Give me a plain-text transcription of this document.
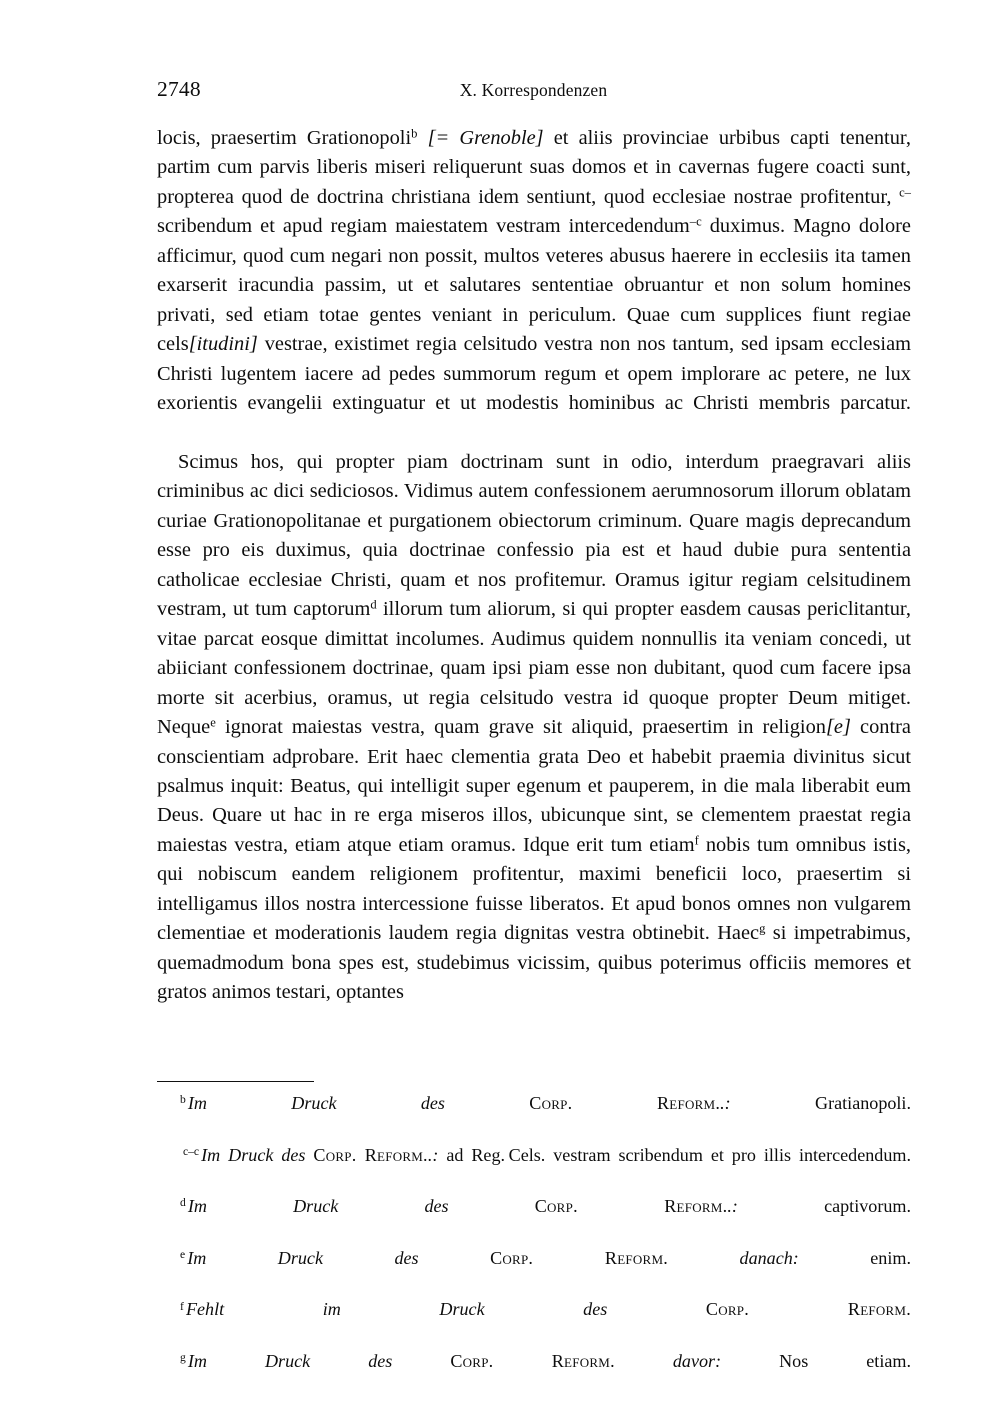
2748	X. Korrespondenzen

locis, praesertim Grationopoli$^b$ [= Grenoble] et aliis provinciae urbibus capti tenentur, partim cum parvis liberis miseri reliquerunt suas domos et in cavernas fugere coacti sunt, propterea quod de doctrina christiana idem sentiunt, quod ecclesiae nostrae profitentur, $^{c-}$scribendum et apud regiam maiestatem vestram intercedendum$^{-c}$ duximus. Magno dolore afficimur, quod cum negari non possit, multos veteres abusus haerere in ecclesiis ita tamen exarserit iracundia passim, ut et salutares sententiae obruantur et non solum homines privati, sed etiam totae gentes veniant in periculum. Quae cum supplices fiunt regiae cels[itudini] vestrae, existimet regia celsitudo vestra non nos tantum, sed ipsam ecclesiam Christi lugentem iacere ad pedes summorum regum et opem implorare ac petere, ne lux exorientis evangelii extinguatur et ut modestis hominibus ac Christi membris parcatur.

Scimus hos, qui propter piam doctrinam sunt in odio, interdum praegravari aliis criminibus ac dici sediciosos. Vidimus autem confessionem aerumnosorum illorum oblatam curiae Grationopolitanae et purgationem obiectorum criminum. Quare magis deprecandum esse pro eis duximus, quia doctrinae confessio pia est et haud dubie pura sententia catholicae ecclesiae Christi, quam et nos profitemur. Oramus igitur regiam celsitudinem vestram, ut tum captorum$^d$ illorum tum aliorum, si qui propter easdem causas periclitantur, vitae parcat eosque dimittat incolumes. Audimus quidem nonnullis ita veniam concedi, ut abiiciant confessionem doctrinae, quam ipsi piam esse non dubitant, quod cum facere ipsa morte sit acerbius, oramus, ut regia celsitudo vestra id quoque propter Deum mitiget. Neque$^e$ ignorat maiestas vestra, quam grave sit aliquid, praesertim in religion[e] contra conscientiam adprobare. Erit haec clementia grata Deo et habebit praemia divinitus sicut psalmus inquit: Beatus, qui intelligit super egenum et pauperem, in die mala liberabit eum Deus. Quare ut hac in re erga miseros illos, ubicunque sint, se clementem praestat regia maiestas vestra, etiam atque etiam oramus. Idque erit tum etiam$^f$ nobis tum omnibus istis, qui nobiscum eandem religionem profitentur, maximi beneficii loco, praesertim si intelligamus illos nostra intercessione fuisse liberatos. Et apud bonos omnes non vulgarem clementiae et moderationis laudem regia dignitas vestra obtinebit. Haec$^g$ si impetrabimus, quemadmodum bona spes est, studebimus vicissim, quibus poterimus officiis memores et gratos animos testari, optantes

$^b$ Im Druck des	Corp. Reform..: Gratianopoli.

$^{c-c}$ Im Druck des Corp. Reform..: ad Reg. Cels. vestram scribendum et pro illis intercedendum.

$^d$ Im Druck des	Corp. Reform..: captivorum.

$^e$ Im Druck des	Corp. Reform.	danach: enim.

$^f$ Fehlt im Druck des	Corp. Reform.

$^g$ Im Druck des	Corp. Reform.	davor: Nos etiam.
